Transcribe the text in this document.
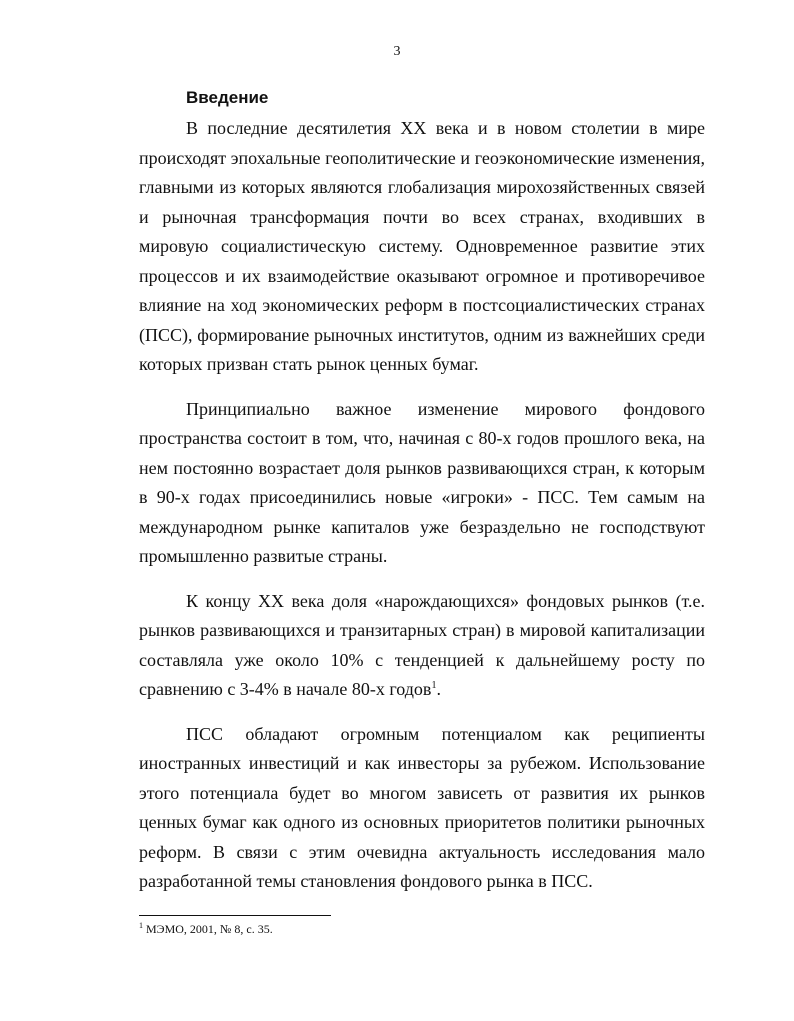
3
Введение

В последние десятилетия XX века и в новом столетии в мире происходят эпохальные геополитические и геоэкономические изменения, главными из которых являются глобализация мирохозяйственных связей и рыночная трансформация почти во всех странах, входивших в мировую социалистическую систему. Одновременное развитие этих процессов и их взаимодействие оказывают огромное и противоречивое влияние на ход экономических реформ в постсоциалистических странах (ПСС), формирование рыночных институтов, одним из важнейших среди которых призван стать рынок ценных бумаг.

Принципиально важное изменение мирового фондового пространства состоит в том, что, начиная с 80-х годов прошлого века, на нем постоянно возрастает доля рынков развивающихся стран, к которым в 90-х годах присоединились новые «игроки» - ПСС. Тем самым на международном рынке капиталов уже безраздельно не господствуют промышленно развитые страны.

К концу XX века доля «нарождающихся» фондовых рынков (т.е. рынков развивающихся и транзитарных стран) в мировой капитализации составляла уже около 10% с тенденцией к дальнейшему росту по сравнению с 3-4% в начале 80-х годов$^1$.

ПСС обладают огромным потенциалом как реципиенты иностранных инвестиций и как инвесторы за рубежом. Использование этого потенциала будет во многом зависеть от развития их рынков ценных бумаг как одного из основных приоритетов политики рыночных реформ. В связи с этим очевидна актуальность исследования мало разработанной темы становления фондового рынка в ПСС.

$^1$ МЭМО, 2001, № 8, с. 35.
